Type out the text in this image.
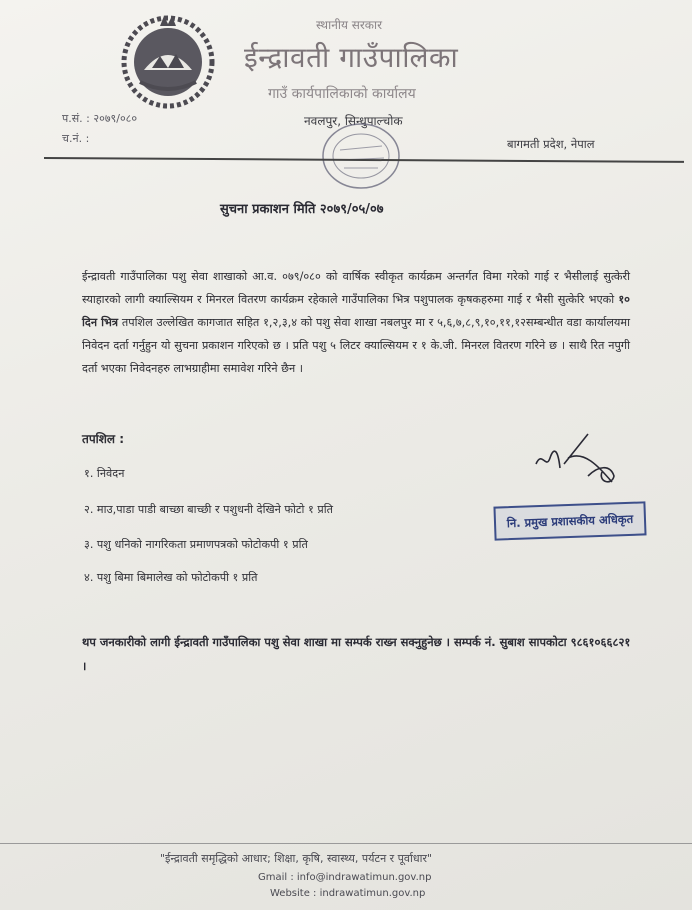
स्थानीय सरकार
ईन्द्रावती गाउँपालिका
गाउँ कार्यपालिकाको कार्यालय
प.सं. : २०७९/०८०
च.नं. :
नवलपुर, सिन्धुपाल्चोक
बागमती प्रदेश, नेपाल
सुचना प्रकाशन मिति २०७९/०५/०७
ईन्द्रावती गाउँपालिका पशु सेवा शाखाको आ.व. ०७९/०८० को वार्षिक स्वीकृत कार्यक्रम अन्तर्गत विमा गरेको गाई र भैसीलाई सुत्केरी स्याहारको लागी क्याल्सियम र मिनरल वितरण कार्यक्रम रहेकाले गाउँपालिका भित्र पशुपालक कृषकहरुमा गाई र भैसी सुत्केरि भएको १० दिन भित्र तपशिल उल्लेखित कागजात सहित १,२,३,४ को पशु सेवा शाखा नबलपुर मा र ५,६,७,८,९,१०,११,१२सम्बन्धीत वडा कार्यालयमा निवेदन दर्ता गर्नुहुन यो सुचना प्रकाशन गरिएको छ । प्रति पशु ५ लिटर क्याल्सियम र १ के.जी. मिनरल वितरण गरिने छ । साथै रित नपुगी दर्ता भएका निवेदनहरु लाभग्राहीमा समावेश गरिने छैन ।
तपशिल :
१. निवेदन
२. माउ,पाडा पाडी बाच्छा बाच्छी र पशुधनी देखिने फोटो १ प्रति
३. पशु धनिको नागरिकता प्रमाणपत्रको फोटोकपी १ प्रति
४. पशु बिमा बिमालेख को फोटोकपी १ प्रति
नि. प्रमुख प्रशासकीय अधिकृत
थप जनकारीको लागी ईन्द्रावती गाउँपालिका पशु सेवा शाखा मा सम्पर्क राख्न सक्नुहुनेछ । सम्पर्क नं. सुबाश सापकोटा ९८६१०६६८२१ ।
"ईन्द्रावती समृद्धिको आधार; शिक्षा, कृषि, स्वास्थ्य, पर्यटन र पूर्वाधार"
Gmail : info@indrawatimun.gov.np
Website : indrawatimun.gov.np
